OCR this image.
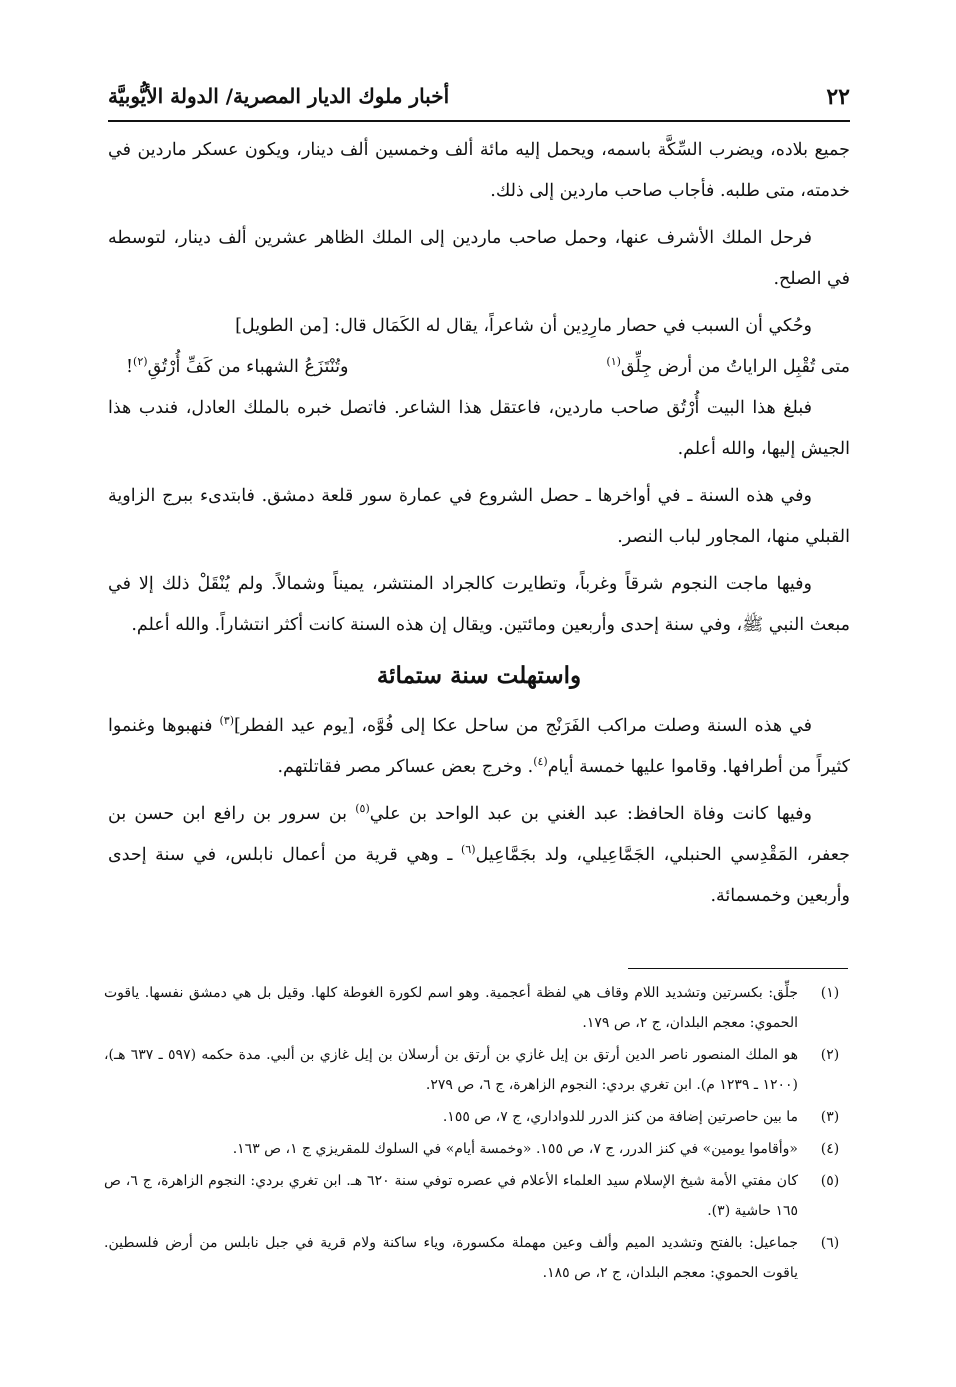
٢٢
أخبار ملوك الديار المصرية/ الدولة الأيُّوبيَّة

جميع بلاده، ويضرب السِّكَّة باسمه، ويحمل إليه مائة ألف وخمسين ألف دينار، ويكون عسكر ماردين في خدمته، متى طلبه. فأجاب صاحب ماردين إلى ذلك.

فرحل الملك الأشرف عنها، وحمل صاحب ماردين إلى الملك الظاهر عشرين ألف دينار، لتوسطه في الصلح.

وحُكي أن السبب في حصار مارِدِين أن شاعراً، يقال له الكَمَال قال: [من الطويل]

متى تُقْبِل الراياتُ من أرض جِلِّق$^{(١)}$
وتُنْتَزَعُ الشهباء من كَفِّ أُرْتُقِ$^{(٢)}$!

فبلغ هذا البيت أُرْتُق صاحب ماردين، فاعتقل هذا الشاعر. فاتصل خبره بالملك العادل، فندب هذا الجيش إليها، والله أعلم.

وفي هذه السنة ـ في أواخرها ـ حصل الشروع في عمارة سور قلعة دمشق. فابتدىء ببرج الزاوية القبلي منها، المجاور لباب النصر.

وفيها ماجت النجوم شرقاً وغرباً، وتطايرت كالجراد المنتشر، يميناً وشمالاً. ولم يُنْقَلْ ذلك إلا في مبعث النبي ﷺ، وفي سنة إحدى وأربعين ومائتين. ويقال إن هذه السنة كانت أكثر انتشاراً. والله أعلم.

واستهلت سنة ستمائة

في هذه السنة وصلت مراكب الفَرَنْج من ساحل عكا إلى فُوَّه، [يوم عيد الفطر]$^{(٣)}$ فنهبوها وغنموا كثيراً من أطرافها. وقاموا عليها خمسة أيام$^{(٤)}$. وخرج بعض عساكر مصر فقاتلتهم.

وفيها كانت وفاة الحافظ: عبد الغني بن عبد الواحد بن علي$^{(٥)}$ بن سرور بن رافع ابن حسن بن جعفر، المَقْدِسي الحنبلي، الجَمَّاعِيلي، ولد بجَمَّاعِيل$^{(٦)}$ ـ وهي قرية من أعمال نابلس، في سنة إحدى وأربعين وخمسمائة.

(١)
جلِّق: بكسرتين وتشديد اللام وقاف هي لفظة أعجمية. وهو اسم لكورة الغوطة كلها. وقيل بل هي دمشق نفسها. ياقوت الحموي: معجم البلدان، ج ٢، ص ١٧٩.
(٢)
هو الملك المنصور ناصر الدين أرتق بن إيل غازي بن أرتق بن أرسلان بن إيل غازي بن ألبي. مدة حكمه (٥٩٧ ـ ٦٣٧ هـ)، (١٢٠٠ ـ ١٢٣٩ م). ابن تغري بردي: النجوم الزاهرة، ج ٦، ص ٢٧٩.
(٣)
ما بين حاصرتين إضافة من كنز الدرر للدواداري، ج ٧، ص ١٥٥.
(٤)
«وأقاموا يومين» في كنز الدرر، ج ٧، ص ١٥٥. «وخمسة أيام» في السلوك للمقريزي ج ١، ص ١٦٣.
(٥)
كان مفتي الأمة شيخ الإسلام سيد العلماء الأعلام في عصره توفي سنة ٦٢٠ هـ. ابن تغري بردي: النجوم الزاهرة، ج ٦، ص ١٦٥ حاشية (٣).
(٦)
جماعيل: بالفتح وتشديد الميم وألف وعين مهملة مكسورة، وياء ساكنة ولام قرية في جبل نابلس من أرض فلسطين. ياقوت الحموي: معجم البلدان، ج ٢، ص ١٨٥.
